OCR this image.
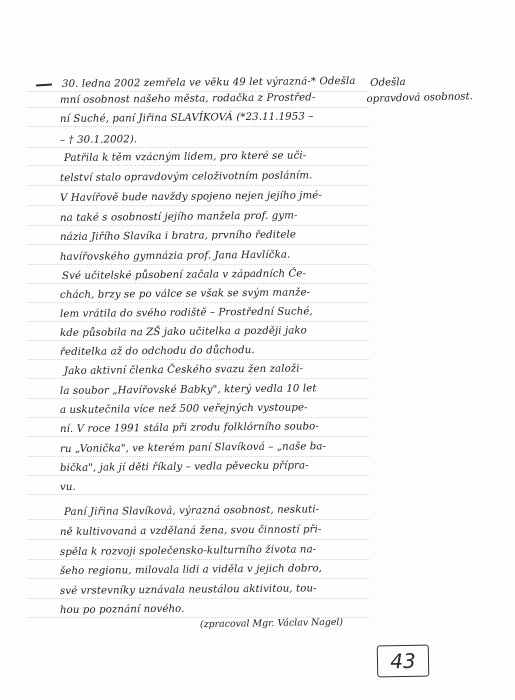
Odešla
opravdová osobnost.
(zpracoval Mgr. Václav Nagel)
43
30. ledna 2002 zemřela ve věku 49 let výrazná-* Odešla
mní osobnost našeho města, rodačka z Prostřed-
ní Suché, paní Jiřina SLAVÍKOVÁ (*23.11.1953 –
– † 30.1.2002).
Patřila k těm vzácným lidem, pro které se uči-
telství stalo opravdovým celoživotním posláním.
V Havířově bude navždy spojeno nejen jejího jmé-
na také s osobností jejího manžela prof. gym-
názia Jiřího Slavíka i bratra, prvního ředitele
havířovského gymnázia prof. Jana Havlíčka.
Své učitelské působení začala v západních Če-
chách, brzy se po válce se však se svým manže-
lem vrátila do svého rodiště – Prostřední Suché,
kde působila na ZŠ jako učitelka a později jako
ředitelka až do odchodu do důchodu.
Jako aktivní členka Českého svazu žen založi-
la soubor „Havířovské Babky", který vedla 10 let
a uskutečnila více než 500 veřejných vystoupe-
ní. V roce 1991 stála při zrodu folklórního soubo-
ru „Vonička", ve kterém paní Slavíková – „naše ba-
bička", jak jí děti říkaly – vedla pěvecku přípra-
vu.
Paní Jiřina Slavíková, výrazná osobnost, neskuti-
ně kultivovaná a vzdělaná žena, svou činností při-
spěla k rozvoji společensko-kulturního života na-
šeho regionu, milovala lidi a viděla v jejich dobro,
své vrstevníky uznávala neustálou aktivitou, tou-
hou po poznání nového.
